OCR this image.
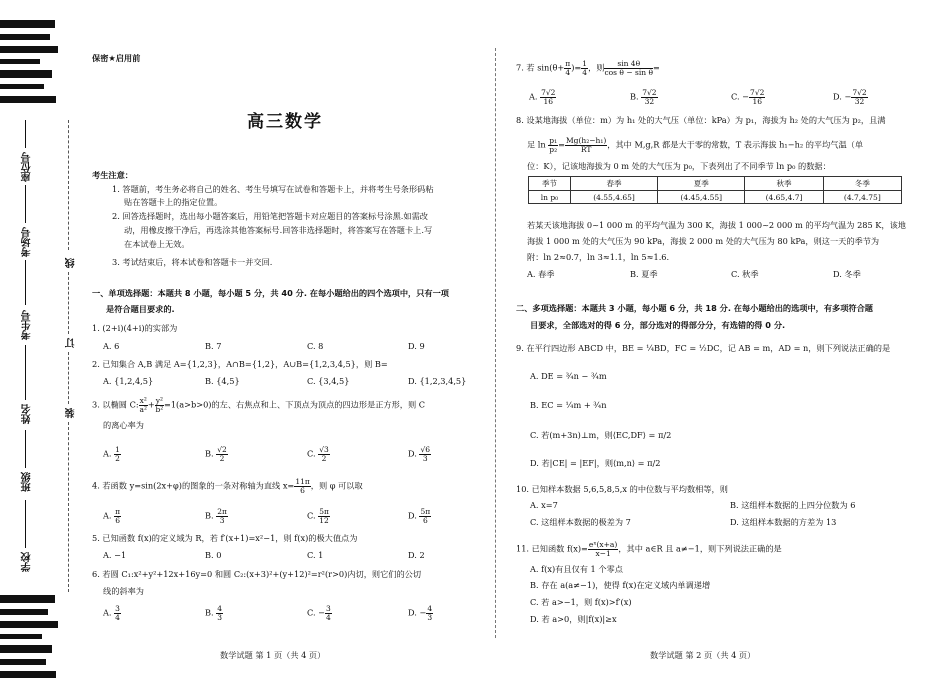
座位号
考场号
考生号
姓名
班级
学校
线
订
装
保密★启用前
高三数学
考生注意：
1. 答题前，考生务必将自己的姓名、考生号填写在试卷和答题卡上，并将考生号条形码粘
贴在答题卡上的指定位置。
2. 回答选择题时，选出每小题答案后，用铅笔把答题卡对应题目的答案标号涂黑.如需改
动，用橡皮擦干净后，再选涂其他答案标号.回答非选择题时，将答案写在答题卡上.写
在本试卷上无效。
3. 考试结束后，将本试卷和答题卡一并交回.
一、单项选择题：本题共 8 小题，每小题 5 分，共 40 分. 在每小题给出的四个选项中，只有一项
是符合题目要求的.
1. (2+i)(4+i)的实部为
A. 6	B. 7	C. 8	D. 9
2. 已知集合 A,B 满足 A={1,2,3}，A∩B={1,2}，A∪B={1,2,3,4,5}，则 B=
A. {1,2,4,5}	B. {4,5}	C. {3,4,5}	D. {1,2,3,4,5}
3. 以椭圆 C: $\frac{\text{x²}}{\text{a²}} + \frac{\text{y²}}{\text{b²}} =1(a>b>0)$的左、右焦点和上、下顶点为顶点的四边形是正方形，则 C
的离心率为
A. $\frac{1}{2}$	B. $\frac{√2}{2}$	C. $\frac{√3}{2}$	D. $\frac{√6}{3}$
4. 若函数 y=sin(2x+φ)的图象的一条对称轴为直线 $x= \frac{11\pi}{6}$ ，则 φ 可以取
A. $\frac{\pi}{6}$	B. $\frac{2\pi}{3}$	C. $\frac{5\pi}{12}$	D. $\frac{5\pi}{6}$
5. 已知函数 f(x)的定义域为 R，若 f′(x+1)=x²−1，则 f(x)的极大值点为
A. −1	B. 0	C. 1	D. 2
6. 若圆 C₁:x²+y²+12x+16y=0 和圆 C₂:(x+3)²+(y+12)²=r²(r>0)内切，则它们的公切
线的斜率为
A. $\frac{3}{4}$	B. $\frac{4}{3}$	C. − $\frac{3}{4}$	D. − $\frac{4}{3}$
数学试题 第 1 页（共 4 页）
7. 若 $\sin(\theta+ \frac{\pi}{4}$ )= $\frac{1}{4}$ ，则 $\frac{\sin 4\theta}{\text{cos θ − sin θ}}$ =
A. $\frac{7√2}{16}$	B. $\frac{7√2}{32}$	C. − $\frac{7√2}{16}$	D. − $\frac{7√2}{32}$
8. 设某地海拔（单位：m）为 h₁ 处的大气压（单位：kPa）为 p₁，海拔为 h₂ 处的大气压为 p₂，且满
足 $\ln \frac{\text{p₁}}{\text{p₂}} = \frac{\text{Mg(h₂−h₁)}}{RT}$ ，其中 M,g,R 都是大于零的常数，T 表示海拔 h₁−h₂ 的平均气温（单
位：K），记该地海拔为 0 m 处的大气压为 p₀，下表列出了不同季节 ln p₀ 的数据：
季节	春季	夏季	秋季	冬季
ln p₀	(4.55,4.65]	(4.45,4.55]	(4.65,4.7]	(4.7,4.75]
若某天该地海拔 0~1 000 m 的平均气温为 300 K，海拔 1 000~2 000 m 的平均气温为 285 K，该地
海拔 1 000 m 处的大气压为 90 kPa，海拔 2 000 m 处的大气压为 80 kPa，则这一天的季节为
附：ln 2≈0.7，ln 3≈1.1，ln 5≈1.6.
A. 春季	B. 夏季	C. 秋季	D. 冬季
二、多项选择题：本题共 3 小题，每小题 6 分，共 18 分. 在每小题给出的选项中，有多项符合题
目要求，全部选对的得 6 分，部分选对的得部分分，有选错的得 0 分.
9. 在平行四边形 ABCD 中，BE = ¼BD，FC = ½DC，记 AB = m，AD = n，则下列说法正确的是
A. DE = ¾n − ¾m
B. EC = ¼m + ¾n
C. 若(m+3n)⊥m，则⟨EC,DF⟩ = π/2
D. 若|CE| = |EF|，则⟨m,n⟩ = π/2
10. 已知样本数据 5,6,5,8,5,x 的中位数与平均数相等，则
A. x=7	B. 这组样本数据的上四分位数为 6
C. 这组样本数据的极差为 7	D. 这组样本数据的方差为 13
11. 已知函数 $f(x)= \frac{\text{eˣ(x+a)}}{x-1}$ ，其中 a∈R 且 a≠−1，则下列说法正确的是
A. f(x)有且仅有 1 个零点
B. 存在 a(a≠−1)，使得 f(x)在定义域内单调递增
C. 若 a>−1，则 f(x)>f′(x)
D. 若 a>0，则|f(x)|≥x
数学试题 第 2 页（共 4 页）
